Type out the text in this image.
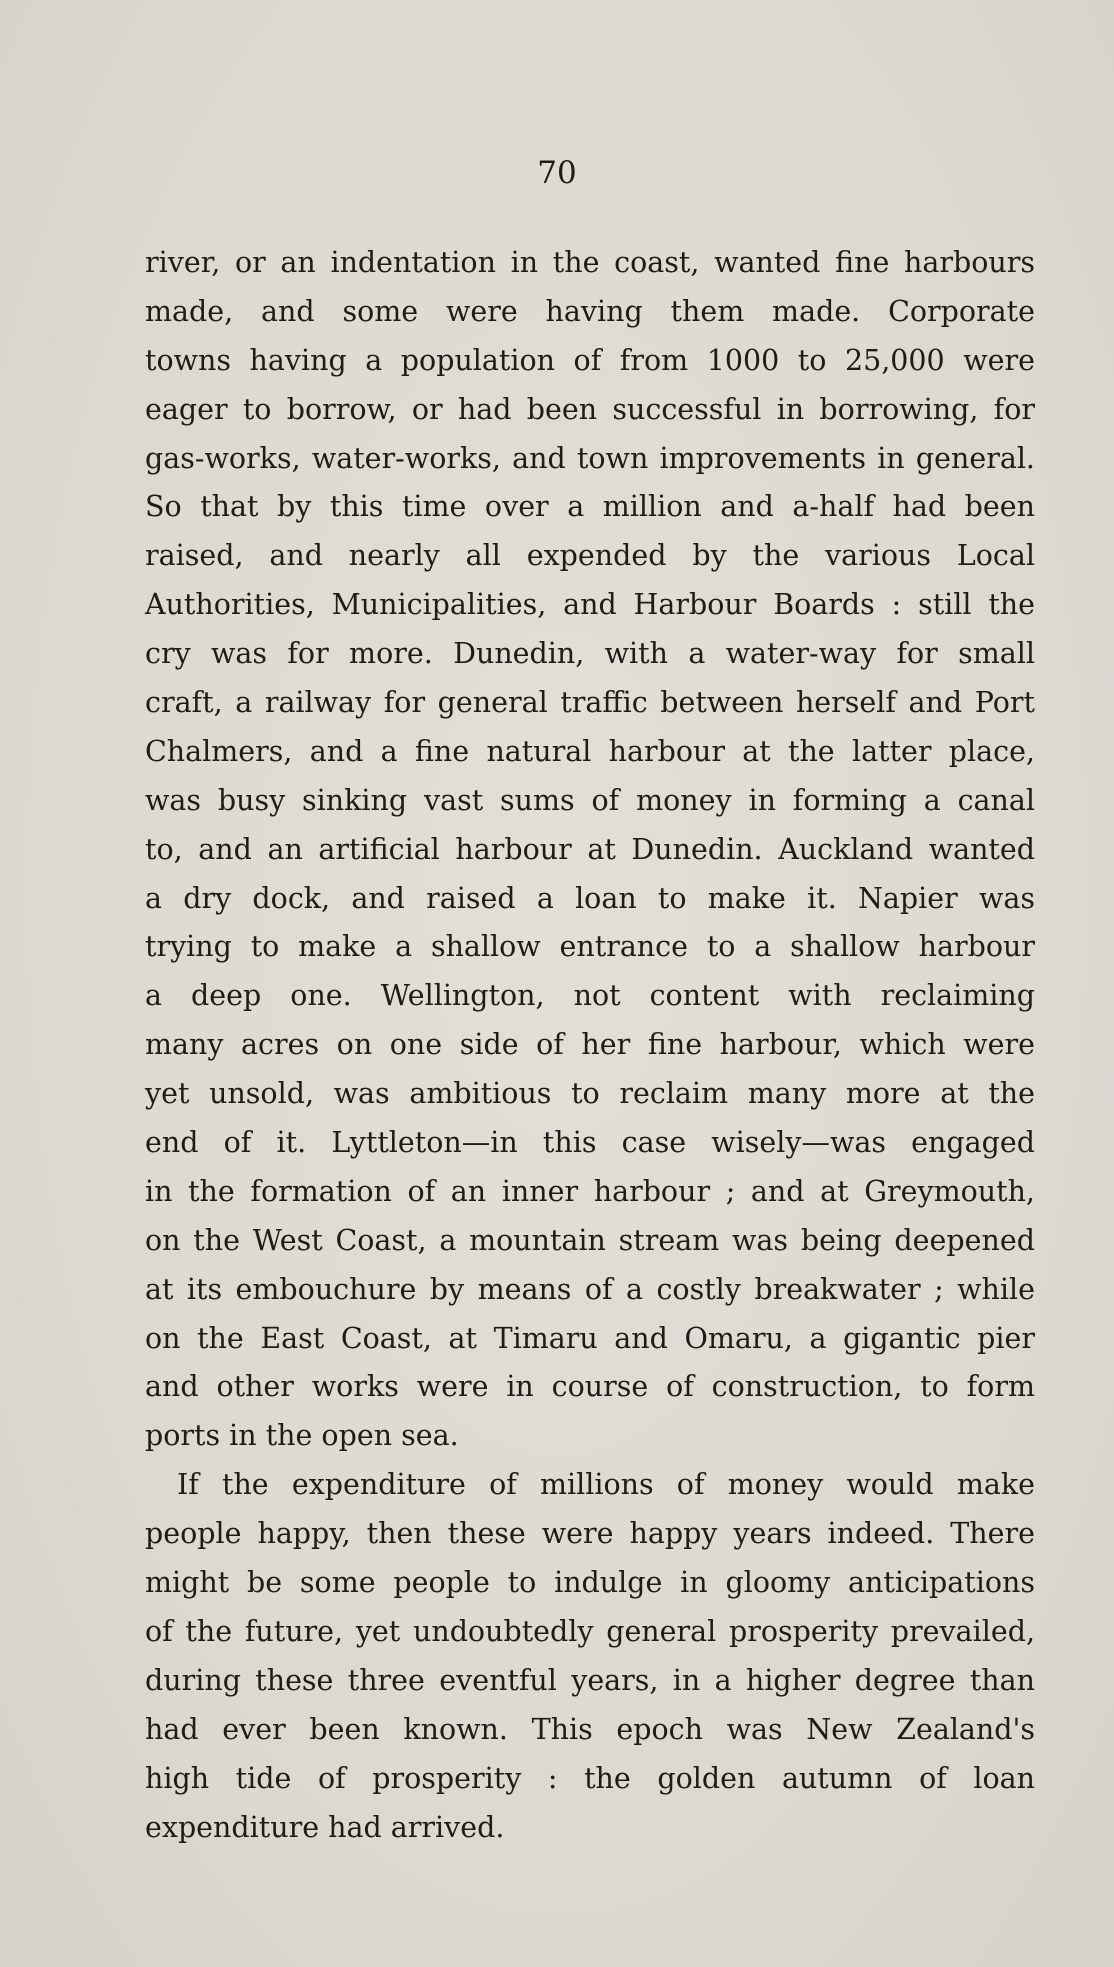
70
river, or an indentation in the coast, wanted fine harbours
made, and some were having them made. Corporate
towns having a population of from 1000 to 25,000 were
eager to borrow, or had been successful in borrowing, for
gas-works, water-works, and town improvements in general.
So that by this time over a million and a-half had been
raised, and nearly all expended by the various Local
Authorities, Municipalities, and Harbour Boards : still the
cry was for more. Dunedin, with a water-way for small
craft, a railway for general traffic between herself and Port
Chalmers, and a fine natural harbour at the latter place,
was busy sinking vast sums of money in forming a canal
to, and an artificial harbour at Dunedin. Auckland wanted
a dry dock, and raised a loan to make it. Napier was
trying to make a shallow entrance to a shallow harbour
a deep one. Wellington, not content with reclaiming
many acres on one side of her fine harbour, which were
yet unsold, was ambitious to reclaim many more at the
end of it. Lyttleton—in this case wisely—was engaged
in the formation of an inner harbour ; and at Greymouth,
on the West Coast, a mountain stream was being deepened
at its embouchure by means of a costly breakwater ; while
on the East Coast, at Timaru and Omaru, a gigantic pier
and other works were in course of construction, to form
ports in the open sea.
If the expenditure of millions of money would make
people happy, then these were happy years indeed. There
might be some people to indulge in gloomy anticipations
of the future, yet undoubtedly general prosperity prevailed,
during these three eventful years, in a higher degree than
had ever been known. This epoch was New Zealand's
high tide of prosperity : the golden autumn of loan
expenditure had arrived.
